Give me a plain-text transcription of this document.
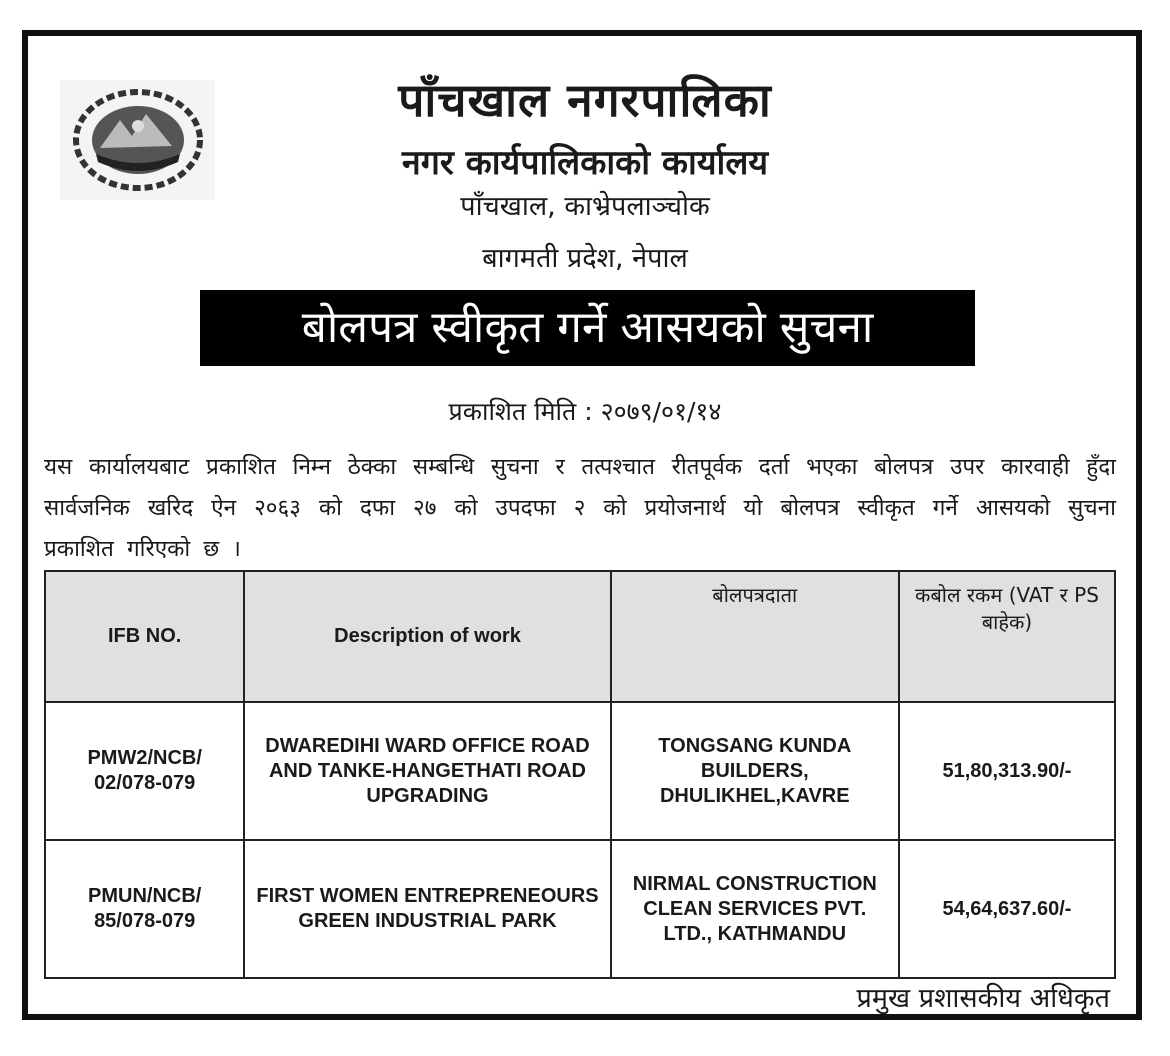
पाँचखाल नगरपालिका
नगर कार्यपालिकाको कार्यालय
पाँचखाल, काभ्रेपलाञ्चोक
बागमती प्रदेश, नेपाल
बोलपत्र स्वीकृत गर्ने आसयको सुचना
प्रकाशित मिति : २०७९/०१/१४
यस कार्यालयबाट प्रकाशित निम्न ठेक्का सम्बन्धि सुचना र तत्पश्चात रीतपूर्वक दर्ता भएका बोलपत्र उपर कारवाही हुँदा सार्वजनिक खरिद ऐन २०६३ को दफा २७ को उपदफा २ को प्रयोजनार्थ यो बोलपत्र स्वीकृत गर्ने आसयको सुचना प्रकाशित गरिएको छ ।
IFB NO.	Description of work	बोलपत्रदाता	कबोल रकम (VAT र PS बाहेक)
PMW2/NCB/ 02/078-079	DWAREDIHI WARD OFFICE ROAD AND TANKE-HANGETHATI ROAD UPGRADING	TONGSANG KUNDA BUILDERS, DHULIKHEL,KAVRE	51,80,313.90/-
PMUN/NCB/ 85/078-079	FIRST WOMEN ENTREPRENEOURS GREEN INDUSTRIAL PARK	NIRMAL CONSTRUCTION CLEAN SERVICES PVT. LTD., KATHMANDU	54,64,637.60/-
प्रमुख प्रशासकीय अधिकृत
